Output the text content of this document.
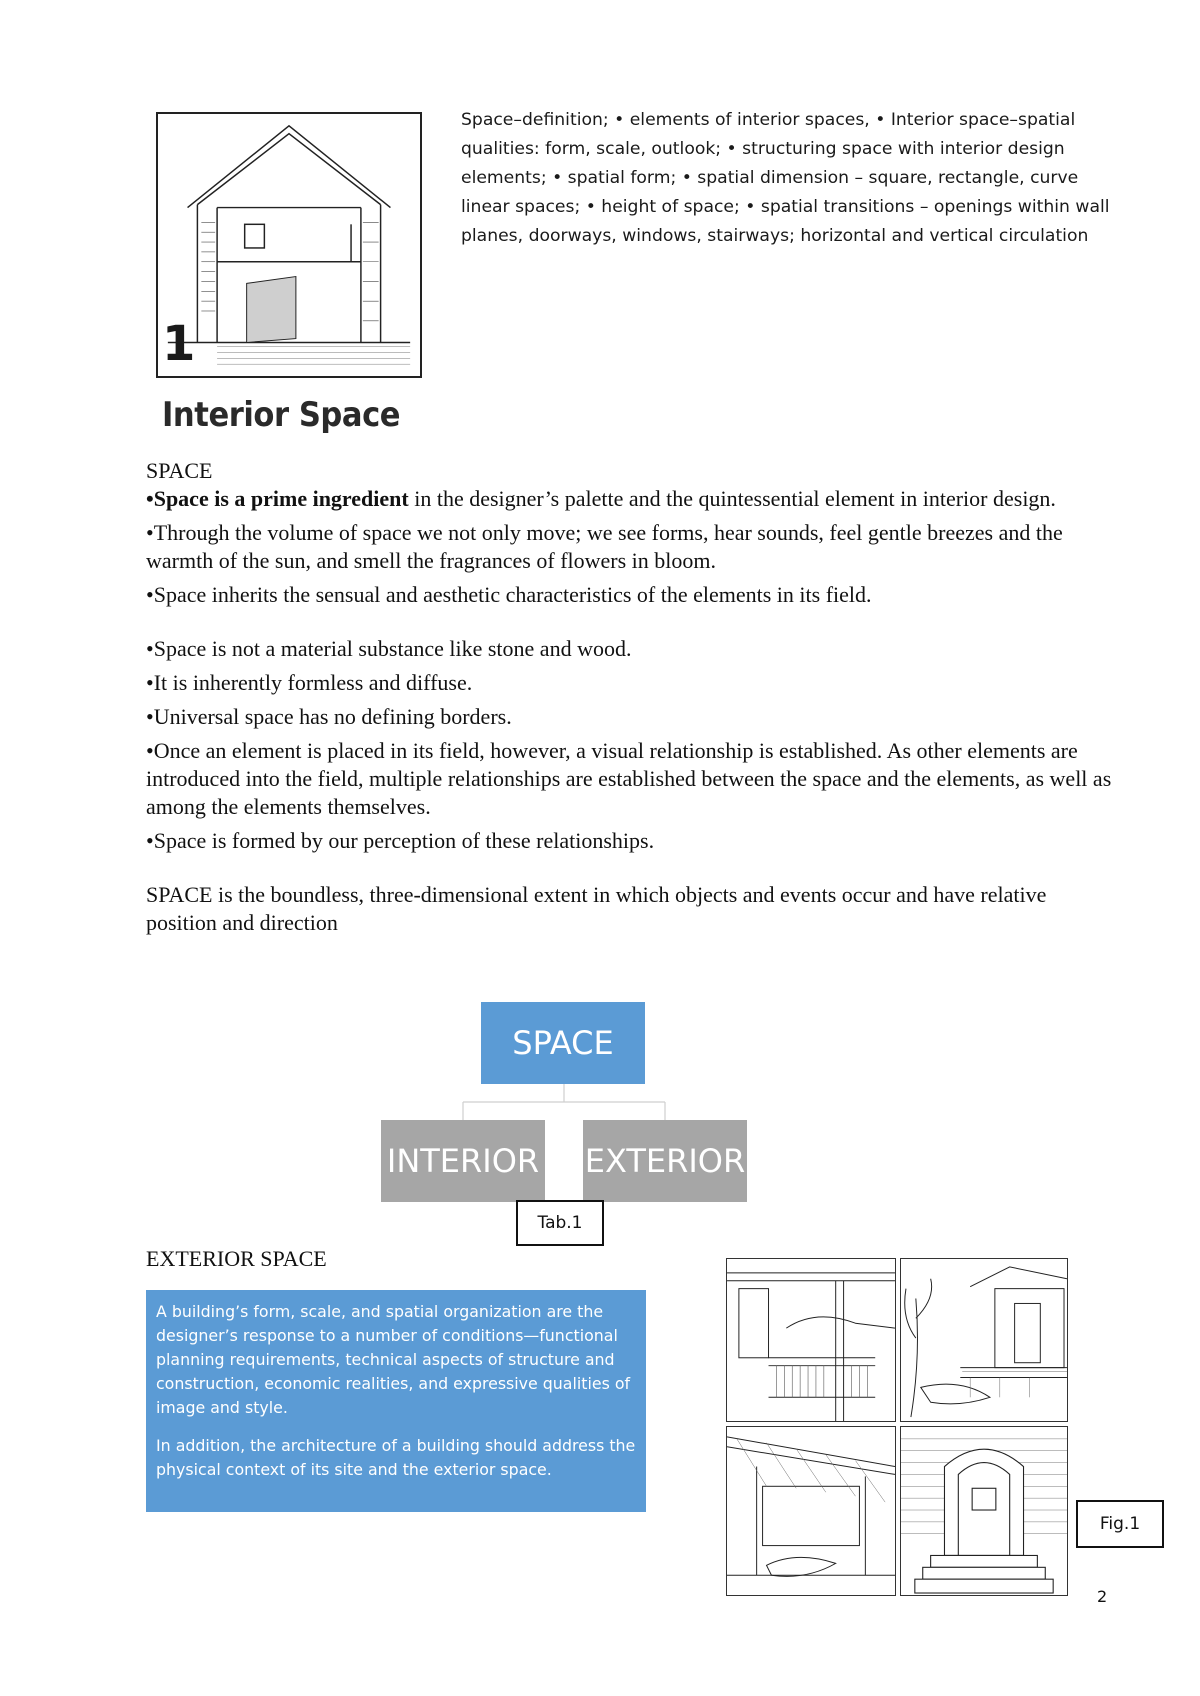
1
Interior Space
Space–definition; • elements of interior spaces, • Interior space–spatial qualities: form, scale, outlook; • structuring space with interior design elements; • spatial form; • spatial dimension – square, rectangle, curve linear spaces; • height of space; • spatial transitions – openings within wall planes, doorways, windows, stairways; horizontal and vertical circulation
SPACE
•Space is a prime ingredient in the designer’s palette and the quintessential element in interior design.
•Through the volume of space we not only move; we see forms, hear sounds, feel gentle breezes and the warmth of the sun, and smell the fragrances of flowers in bloom.
•Space inherits the sensual and aesthetic characteristics of the elements in its field.
•Space is not a material substance like stone and wood.
•It is inherently formless and diffuse.
•Universal space has no defining borders.
•Once an element is placed in its field, however, a visual relationship is established. As other elements are introduced into the field, multiple relationships are established between the space and the elements, as well as among the elements themselves.
•Space is formed by our perception of these relationships.
SPACE is the boundless, three-dimensional extent in which objects and events occur and have relative position and direction
SPACE
INTERIOR EXTERIOR
Tab.1
EXTERIOR SPACE

A building’s form, scale, and spatial organization are the designer’s response to a number of conditions—functional planning requirements, technical aspects of structure and construction, economic realities, and expressive qualities of image and style.

In addition, the architecture of a building should address the physical context of its site and the exterior space.

Fig.1
2
